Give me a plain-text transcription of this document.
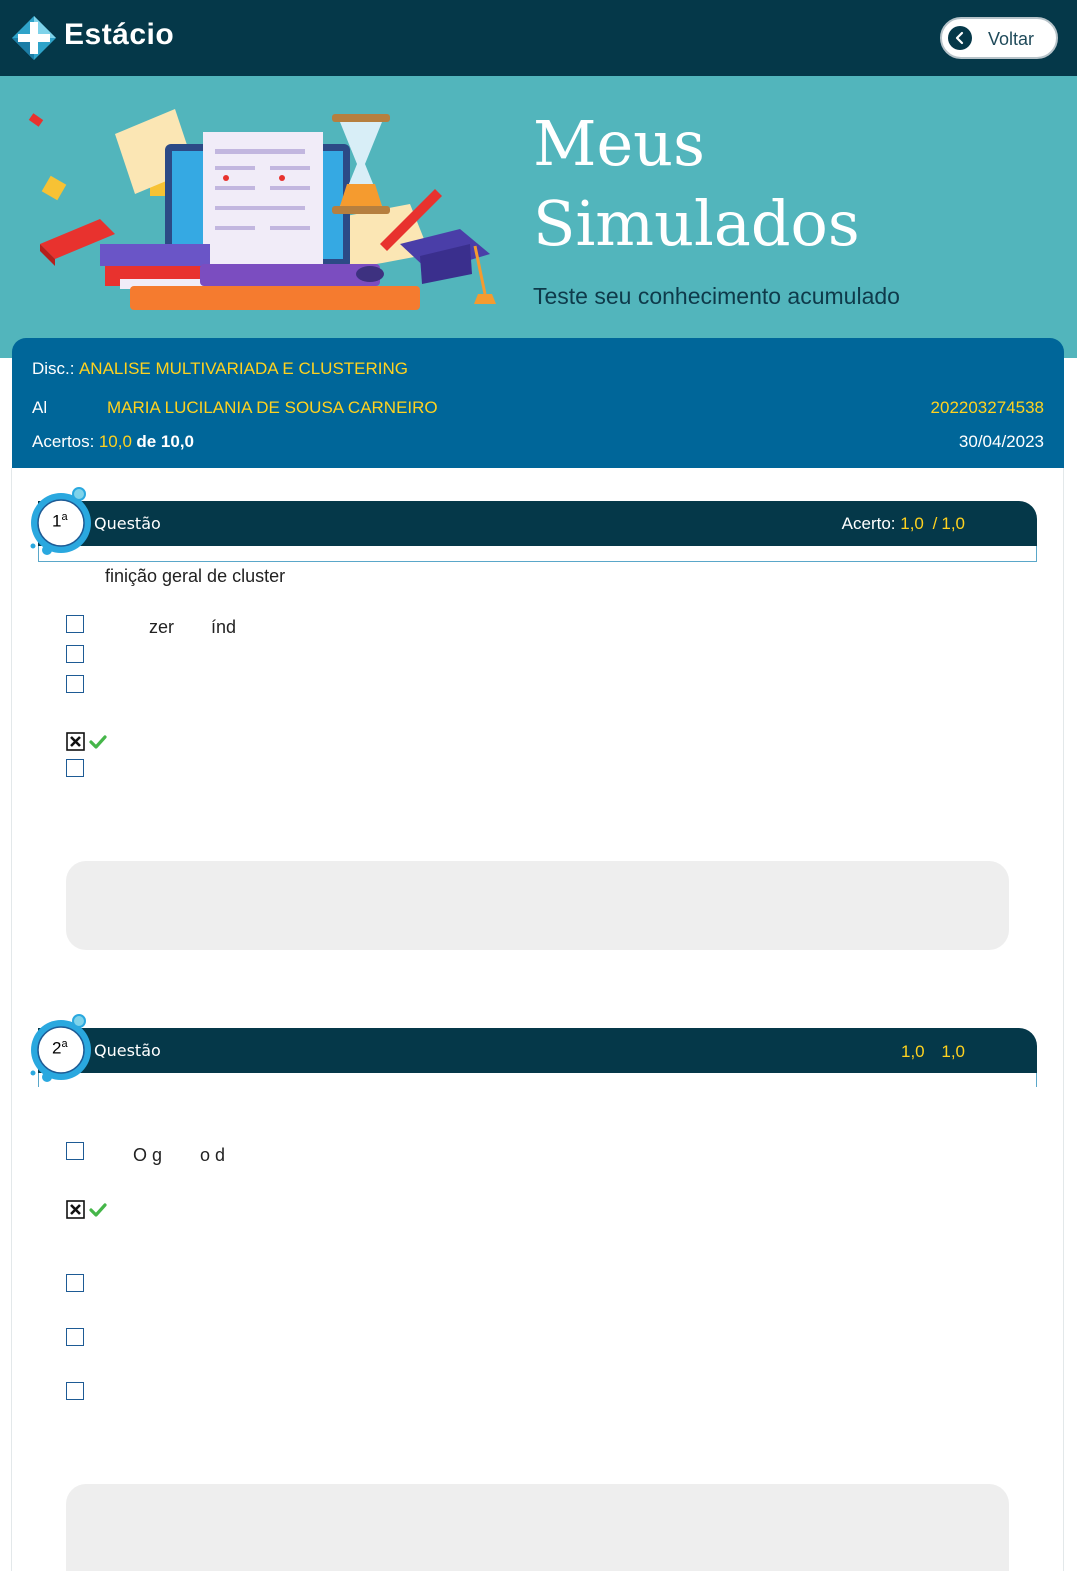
Estácio	Voltar
Meus
Simulados
Teste seu conhecimento acumulado
Disc.: ANALISE MULTIVARIADA E CLUSTERING
Al	MARIA LUCILANIA DE SOUSA CARNEIRO	202203274538
Acertos: 10,0 de 10,0	30/04/2023
Acerto: 1,0 / 1,0
1$^a$ Questão
finição geral de cluster
zer índ
1,0 1,0
2$^a$ Questão
O g o d
